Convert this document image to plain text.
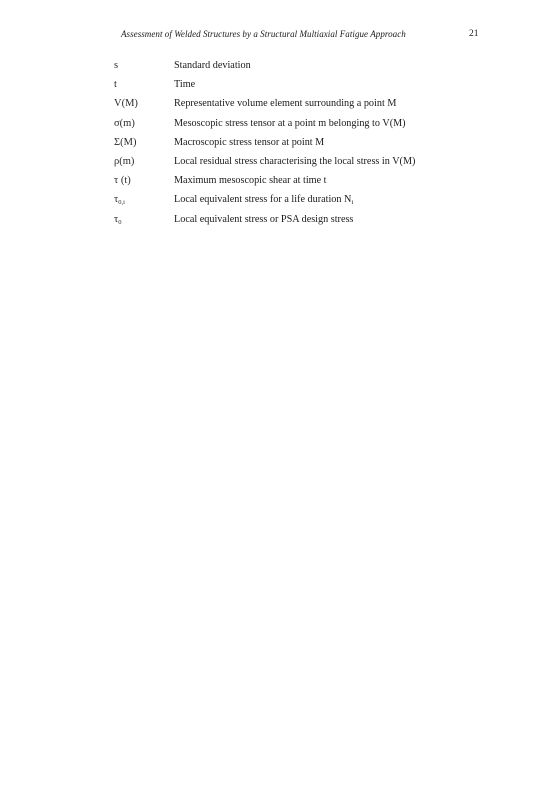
Assessment of Welded Structures by a Structural Multiaxial Fatigue Approach	21
s	Standard deviation
t	Time
V(M)	Representative volume element surrounding a point M
σ(m)	Mesoscopic stress tensor at a point m belonging to V(M)
Σ(M)	Macroscopic stress tensor at point M
ρ(m)	Local residual stress characterising the local stress in V(M)
τ (t)	Maximum mesoscopic shear at time t
$\tau_{0,i}$	Local equivalent stress for a life duration $N_i$
$\tau_0$	Local equivalent stress or PSA design stress
